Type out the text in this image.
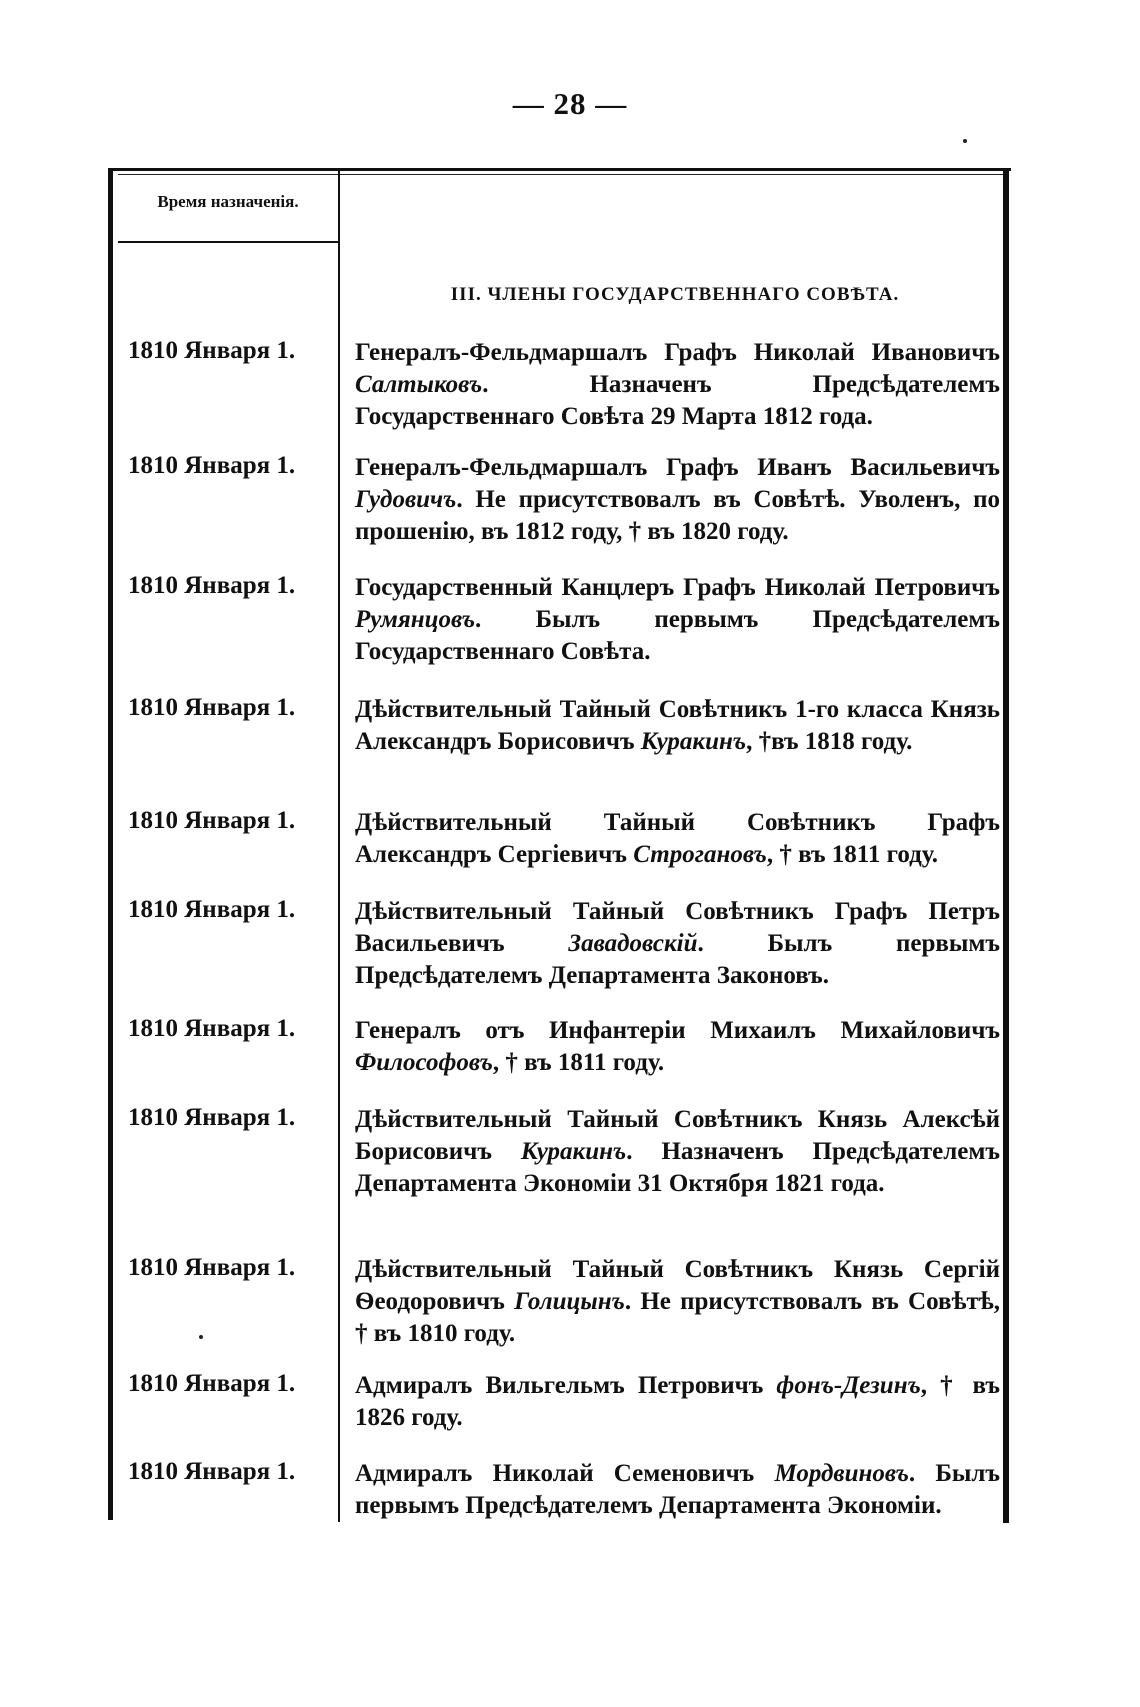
— 28 —
Время назначенія.
III. ЧЛЕНЫ ГОСУДАРСТВЕННАГО СОВѢТА.
1810 Января 1.	Генералъ-Фельдмаршалъ Графъ Николай Ивановичъ Салтыковъ. Назначенъ Предсѣдателемъ Государственнаго Совѣта 29 Марта 1812 года.
1810 Января 1.	Генералъ-Фельдмаршалъ Графъ Иванъ Васильевичъ Гудовичъ. Не присутствовалъ въ Совѣтѣ. Уволенъ, по прошенію, въ 1812 году, † въ 1820 году.
1810 Января 1.	Государственный Канцлеръ Графъ Николай Петровичъ Румянцовъ. Былъ первымъ Предсѣдателемъ Государственнаго Совѣта.
1810 Января 1.	Дѣйствительный Тайный Совѣтникъ 1-го класса Князь Александръ Борисовичъ Куракинъ, †въ 1818 году.
1810 Января 1.	Дѣйствительный Тайный Совѣтникъ Графъ Александръ Сергіевичъ Строгановъ, † въ 1811 году.
1810 Января 1.	Дѣйствительный Тайный Совѣтникъ Графъ Петръ Васильевичъ Завадовскій. Былъ первымъ Предсѣдателемъ Департамента Законовъ.
1810 Января 1.	Генералъ отъ Инфантеріи Михаилъ Михайловичъ Философовъ, † въ 1811 году.
1810 Января 1.	Дѣйствительный Тайный Совѣтникъ Князь Алексѣй Борисовичъ Куракинъ. Назначенъ Предсѣдателемъ Департамента Экономіи 31 Октября 1821 года.
1810 Января 1.	Дѣйствительный Тайный Совѣтникъ Князь Сергій Ѳеодоровичъ Голицынъ. Не присутствовалъ въ Совѣтѣ, † въ 1810 году.
1810 Января 1.	Адмиралъ Вильгельмъ Петровичъ фонъ-Дезинъ, † въ 1826 году.
1810 Января 1.	Адмиралъ Николай Семеновичъ Мордвиновъ. Былъ первымъ Предсѣдателемъ Департамента Экономіи.
